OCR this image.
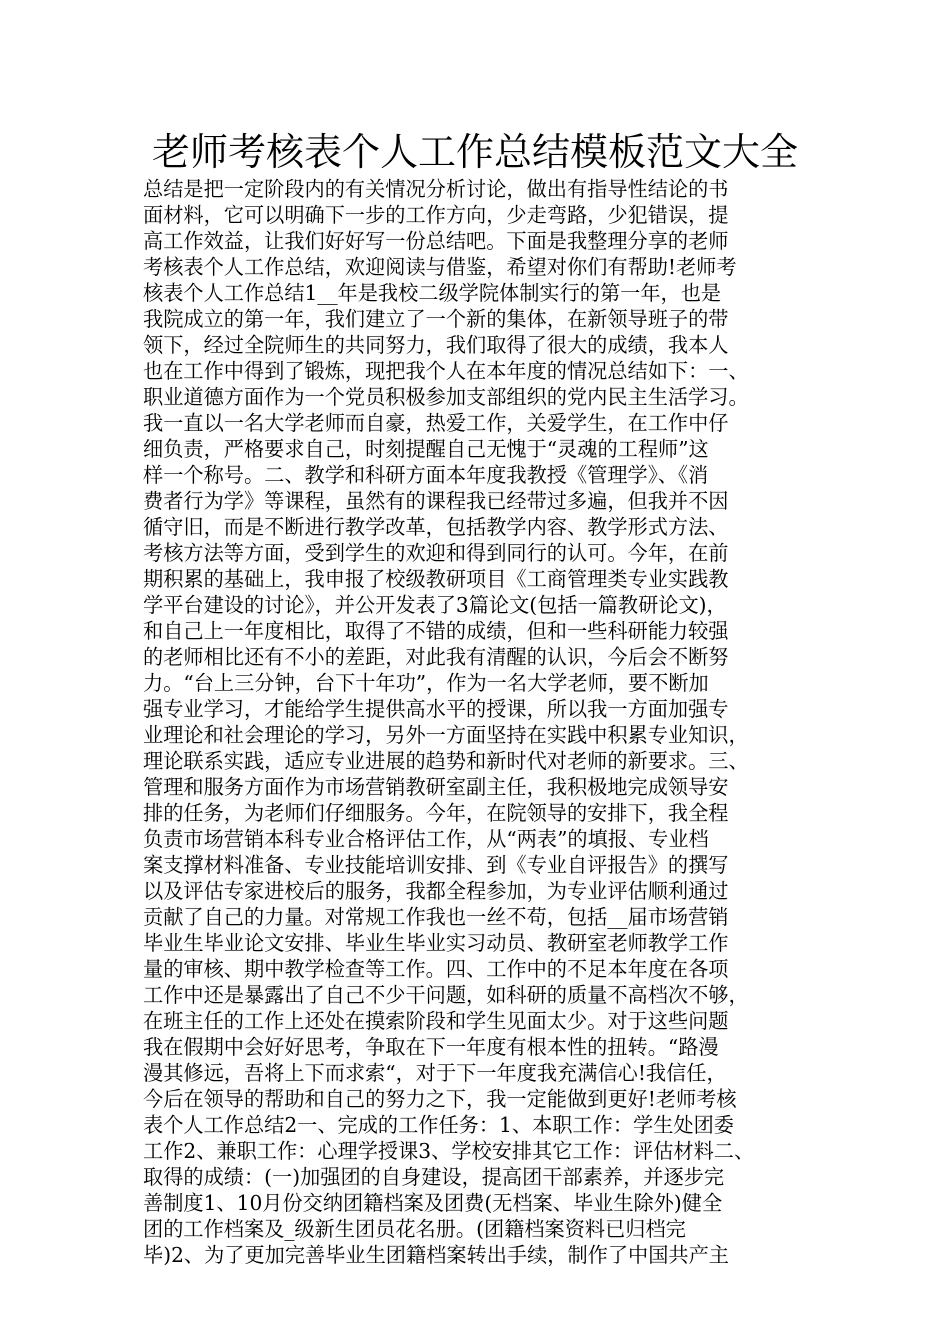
老师考核表个人工作总结模板范文大全
总结是把一定阶段内的有关情况分析讨论，做出有指导性结论的书
面材料，它可以明确下一步的工作方向，少走弯路，少犯错误，提
高工作效益，让我们好好写一份总结吧。下面是我整理分享的老师
考核表个人工作总结，欢迎阅读与借鉴，希望对你们有帮助!老师考
核表个人工作总结1__年是我校二级学院体制实行的第一年，也是
我院成立的第一年，我们建立了一个新的集体，在新领导班子的带
领下，经过全院师生的共同努力，我们取得了很大的成绩，我本人
也在工作中得到了锻炼，现把我个人在本年度的情况总结如下：一、
职业道德方面作为一个党员积极参加支部组织的党内民主生活学习。
我一直以一名大学老师而自豪，热爱工作，关爱学生，在工作中仔
细负责，严格要求自己，时刻提醒自己无愧于“灵魂的工程师”这
样一个称号。二、教学和科研方面本年度我教授《管理学》、《消
费者行为学》等课程，虽然有的课程我已经带过多遍，但我并不因
循守旧，而是不断进行教学改革，包括教学内容、教学形式方法、
考核方法等方面，受到学生的欢迎和得到同行的认可。今年，在前
期积累的基础上，我申报了校级教研项目《工商管理类专业实践教
学平台建设的讨论》，并公开发表了3篇论文(包括一篇教研论文)，
和自己上一年度相比，取得了不错的成绩，但和一些科研能力较强
的老师相比还有不小的差距，对此我有清醒的认识，今后会不断努
力。“台上三分钟，台下十年功”，作为一名大学老师，要不断加
强专业学习，才能给学生提供高水平的授课，所以我一方面加强专
业理论和社会理论的学习，另外一方面坚持在实践中积累专业知识，
理论联系实践，适应专业进展的趋势和新时代对老师的新要求。三、
管理和服务方面作为市场营销教研室副主任，我积极地完成领导安
排的任务，为老师们仔细服务。今年，在院领导的安排下，我全程
负责市场营销本科专业合格评估工作，从“两表”的填报、专业档
案支撑材料准备、专业技能培训安排、到《专业自评报告》的撰写
以及评估专家进校后的服务，我都全程参加，为专业评估顺利通过
贡献了自己的力量。对常规工作我也一丝不苟，包括__届市场营销
毕业生毕业论文安排、毕业生毕业实习动员、教研室老师教学工作
量的审核、期中教学检查等工作。四、工作中的不足本年度在各项
工作中还是暴露出了自己不少干问题，如科研的质量不高档次不够，
在班主任的工作上还处在摸索阶段和学生见面太少。对于这些问题
我在假期中会好好思考，争取在下一年度有根本性的扭转。“路漫
漫其修远，吾将上下而求索“，对于下一年度我充满信心!我信任，
今后在领导的帮助和自己的努力之下，我一定能做到更好!老师考核
表个人工作总结2一、完成的工作任务：1、本职工作：学生处团委
工作2、兼职工作：心理学授课3、学校安排其它工作：评估材料二、
取得的成绩：(一)加强团的自身建设，提高团干部素养，并逐步完
善制度1、10月份交纳团籍档案及团费(无档案、毕业生除外)健全
团的工作档案及_级新生团员花名册。(团籍档案资料已归档完
毕)2、为了更加完善毕业生团籍档案转出手续，制作了中国共产主
